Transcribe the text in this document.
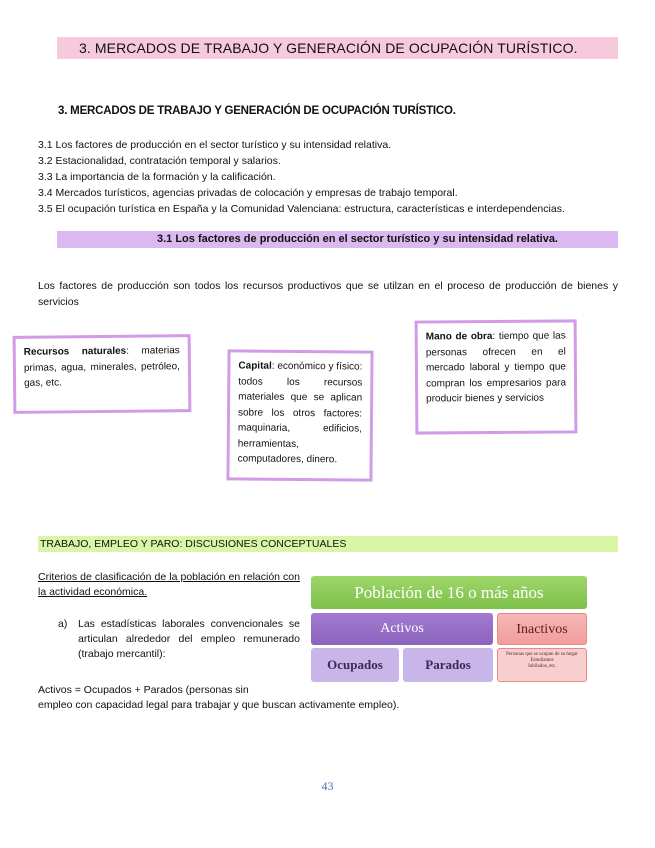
3. MERCADOS DE TRABAJO Y GENERACIÓN DE OCUPACIÓN TURÍSTICO.
3. MERCADOS DE TRABAJO Y GENERACIÓN DE OCUPACIÓN TURÍSTICO.
3.1 Los factores de producción en el sector turístico y su intensidad relativa.
3.2 Estacionalidad, contratación temporal y salarios.
3.3 La importancia de la formación y la calificación.
3.4 Mercados turísticos, agencias privadas de colocación y empresas de trabajo temporal.
3.5 El ocupación turística en España y la Comunidad Valenciana: estructura, características e interdependencias.
3.1 Los factores de producción en el sector turístico y su intensidad relativa.
Los factores de producción son todos los recursos productivos que se utilzan en el proceso de producción de bienes y servicios
Recursos naturales: materias primas, agua, minerales, petróleo, gas, etc.
Capital: económico y físico: todos los recursos materiales que se aplican sobre los otros factores: maquinaria, edificios, herramientas, computadores, dinero.
Mano de obra: tiempo que las personas ofrecen en el mercado laboral y tiempo que compran los empresarios para producir bienes y servicios
TRABAJO, EMPLEO Y PARO: DISCUSIONES CONCEPTUALES
Criterios de clasificación de la población en relación con la actividad económica.
a) Las estadísticas laborales convencionales se articulan alrededor del empleo remunerado (trabajo mercantil):
Activos = Ocupados + Parados (personas sin
empleo con capacidad legal para trabajar y que buscan activamente empleo).
Población de 16 o más años
Activos	Inactivos
Ocupados	Parados
Personas que se ocupan de su hogar
Estudiantes
Jubilados, etc.
43
